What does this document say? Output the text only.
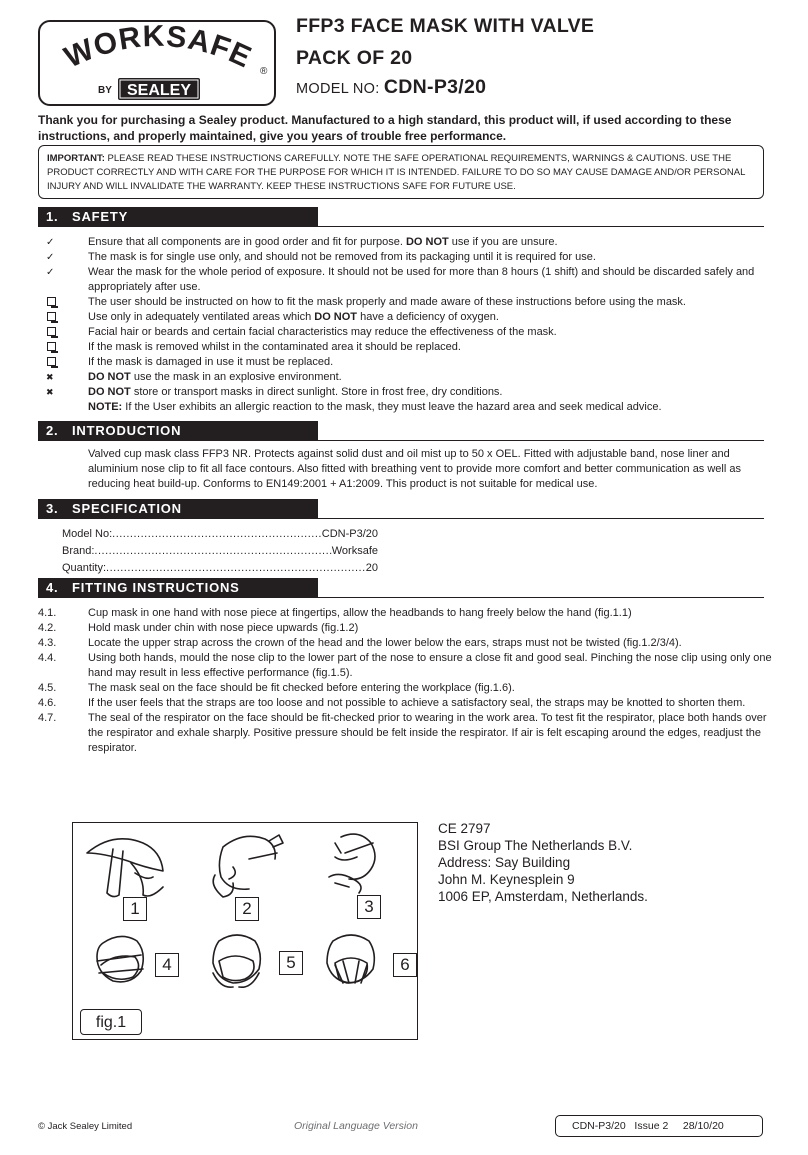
WORKSAFE
BY SEALEY
®
FFP3 FACE MASK WITH VALVE
PACK OF 20
MODEL NO: CDN-P3/20
Thank you for purchasing a Sealey product. Manufactured to a high standard, this product will, if used according to these instructions, and properly maintained, give you years of trouble free performance.
IMPORTANT: PLEASE READ THESE INSTRUCTIONS CAREFULLY. NOTE THE SAFE OPERATIONAL REQUIREMENTS, WARNINGS & CAUTIONS. USE THE PRODUCT CORRECTLY AND WITH CARE FOR THE PURPOSE FOR WHICH IT IS INTENDED. FAILURE TO DO SO MAY CAUSE DAMAGE AND/OR PERSONAL INJURY AND WILL INVALIDATE THE WARRANTY. KEEP THESE INSTRUCTIONS SAFE FOR FUTURE USE.
1. SAFETY
✓	Ensure that all components are in good order and fit for purpose. DO NOT use if you are unsure.
✓	The mask is for single use only, and should not be removed from its packaging until it is required for use.
✓	Wear the mask for the whole period of exposure. It should not be used for more than 8 hours (1 shift) and should be discarded safely and appropriately after use.
The user should be instructed on how to fit the mask properly and made aware of these instructions before using the mask.
Use only in adequately ventilated areas which DO NOT have a deficiency of oxygen.
Facial hair or beards and certain facial characteristics may reduce the effectiveness of the mask.
If the mask is removed whilst in the contaminated area it should be replaced.
If the mask is damaged in use it must be replaced.
✖	DO NOT use the mask in an explosive environment.
✖	DO NOT store or transport masks in direct sunlight. Store in frost free, dry conditions.
NOTE: If the User exhibits an allergic reaction to the mask, they must leave the hazard area and seek medical advice.
2. INTRODUCTION
Valved cup mask class FFP3 NR. Protects against solid dust and oil mist up to 50 x OEL. Fitted with adjustable band, nose liner and aluminium nose clip to fit all face contours. Also fitted with breathing vent to provide more comfort and better communication as well as reducing heat build-up. Conforms to EN149:2001 + A1:2009. This product is not suitable for medical use.
3. SPECIFICATION
Model No: .....	CDN-P3/20
Brand: .....	Worksafe
Quantity: .....	20
4. FITTING INSTRUCTIONS
4.1.	Cup mask in one hand with nose piece at fingertips, allow the headbands to hang freely below the hand (fig.1.1)
4.2.	Hold mask under chin with nose piece upwards (fig.1.2)
4.3.	Locate the upper strap across the crown of the head and the lower below the ears, straps must not be twisted (fig.1.2/3/4).
4.4.	Using both hands, mould the nose clip to the lower part of the nose to ensure a close fit and good seal. Pinching the nose clip using only one hand may result in less effective performance (fig.1.5).
4.5.	The mask seal on the face should be fit checked before entering the workplace (fig.1.6).
4.6.	If the user feels that the straps are too loose and not possible to achieve a satisfactory seal, the straps may be knotted to shorten them.
4.7.	The seal of the respirator on the face should be fit-checked prior to wearing in the work area. To test fit the respirator, place both hands over the respirator and exhale sharply. Positive pressure should be felt inside the respirator. If air is felt escaping around the edges, readjust the respirator.
1	2	3
4	5	6
fig.1
CE 2797
BSI Group The Netherlands B.V.
Address: Say Building
John M. Keynesplein 9
1006 EP, Amsterdam, Netherlands.
© Jack Sealey Limited	Original Language Version	CDN-P3/20   Issue 2     28/10/20
